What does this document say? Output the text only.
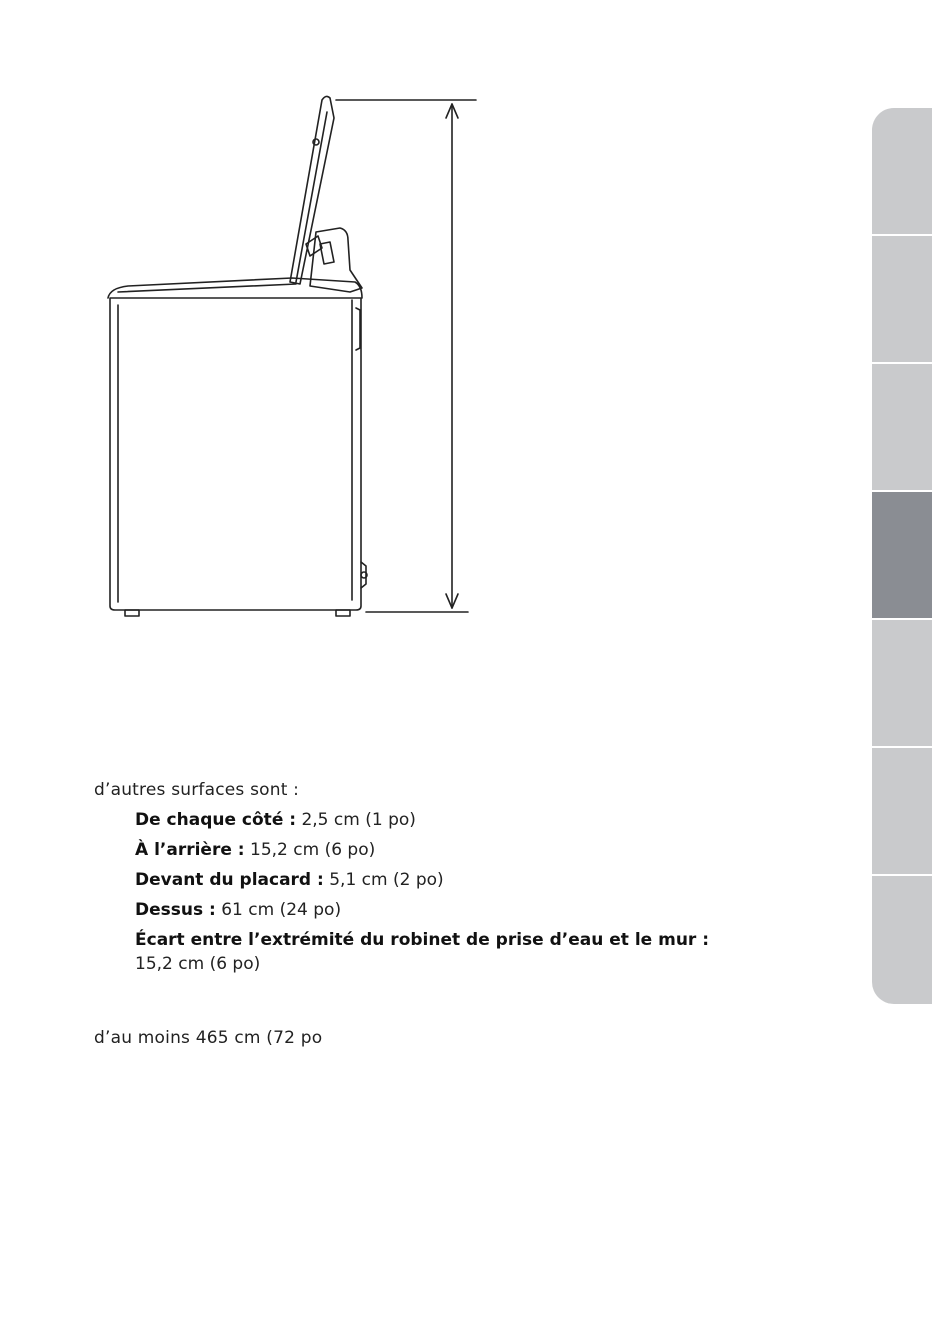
d’autres surfaces sont :
De chaque côté : 2,5 cm (1 po)
À l’arrière : 15,2 cm (6 po)
Devant du placard : 5,1 cm (2 po)
Dessus : 61 cm (24 po)
Écart entre l’extrémité du robinet de prise d’eau et le mur :
15,2 cm (6 po)
d’au moins 465 cm (72 po
